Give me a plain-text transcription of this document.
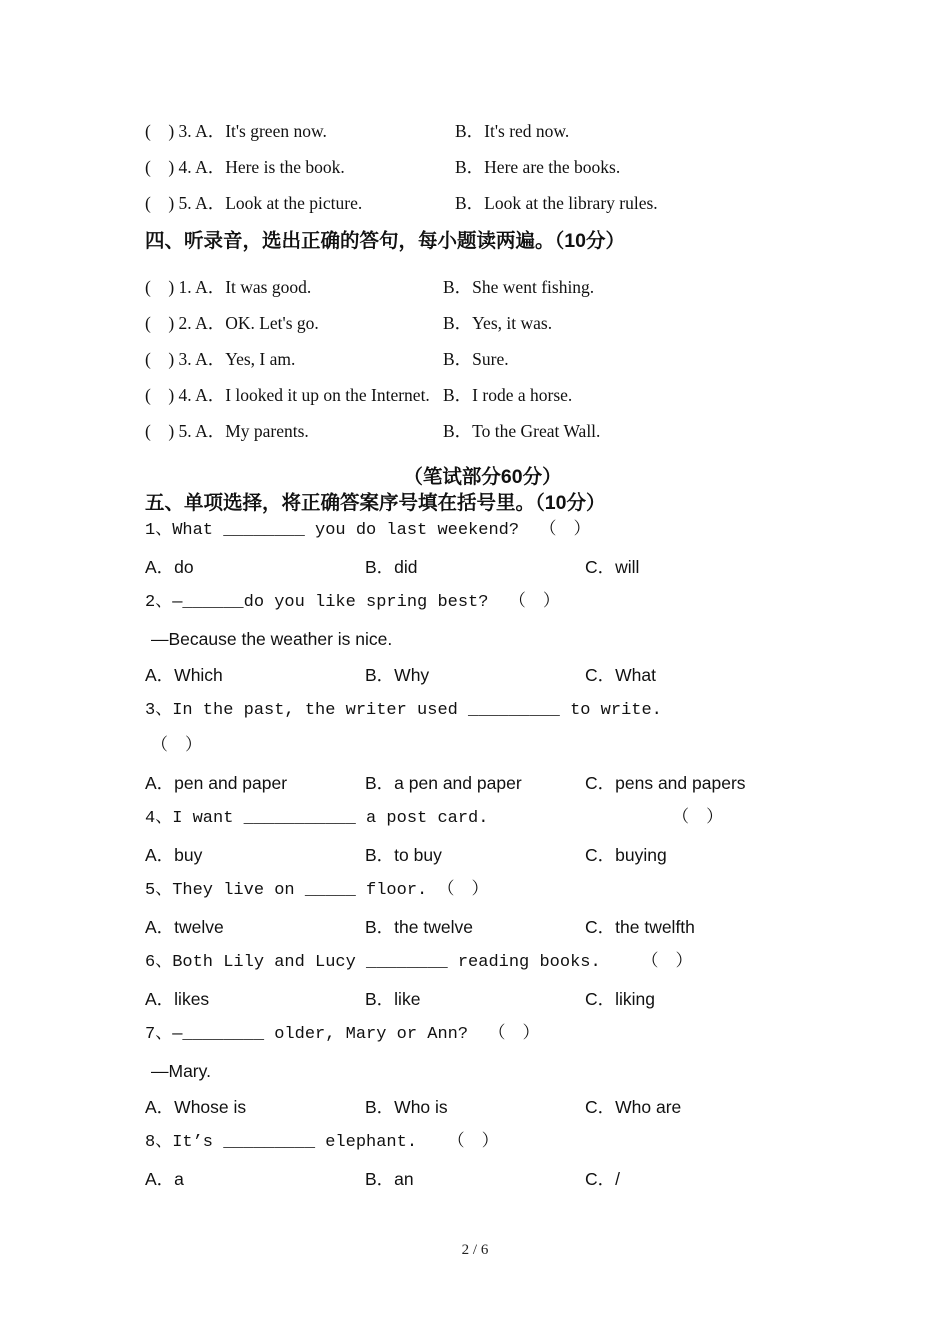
(　) 3. A．It's green now.	B．It's red now.
(　) 4. A．Here is the book.	B．Here are the books.
(　) 5. A．Look at the picture.	B．Look at the library rules.
四、听录音，选出正确的答句，每小题读两遍。（10分）
(　) 1. A．It was good.	B．She went fishing.
(　) 2. A．OK. Let's go.	B．Yes, it was.
(　) 3. A．Yes, I am.	B．Sure.
(　) 4. A．I looked it up on the Internet. B．I rode a horse.
(　) 5. A．My parents.	B．To the Great Wall.
（笔试部分60分）
五、单项选择，将正确答案序号填在括号里。（10分）
1、What ________ you do last weekend?  （　）
A．do	B．did	C．will
2、—______do you like spring best?  （　）
—Because the weather is nice.
A．Which	B．Why	C．What
3、In the past, the writer used _________ to write.
（　）
A．pen and paper	B．a pen and paper	C．pens and papers
4、I want ___________ a post card.                  （　）
A．buy	B．to buy	C．buying
5、They live on _____ floor. （　）
A．twelve	B．the twelve	C．the twelfth
6、Both Lily and Lucy ________ reading books.    （　）
A．likes	B．like	C．liking
7、—________ older, Mary or Ann?  （　）
—Mary.
A．Whose is	B．Who is	C．Who are
8、It’s _________ elephant.   （　）
A．a	B．an	C．/
2 / 6
